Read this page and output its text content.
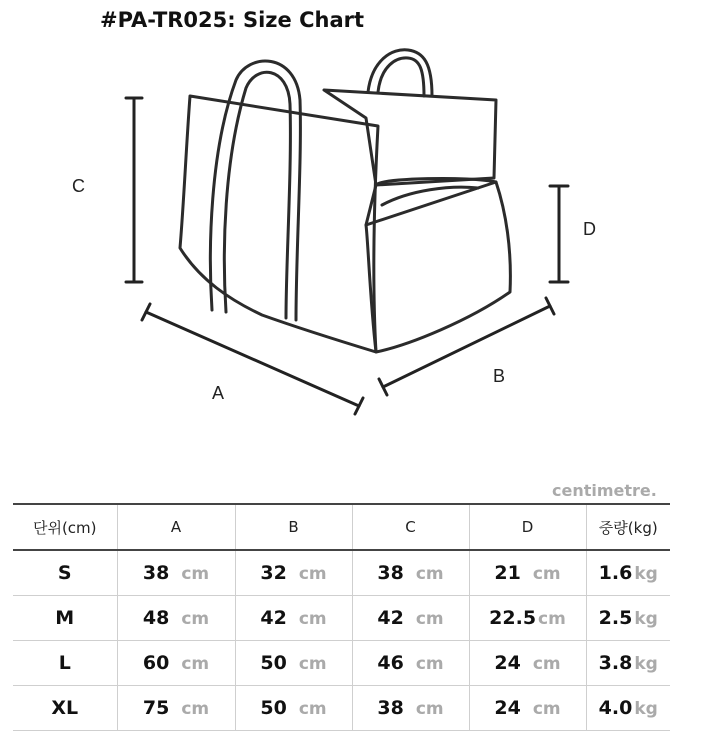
#PA-TR025: Size Chart
C
D
A
B
centimetre.
단위(cm)	A	B	C	D	중량(kg)
S	38 cm	32 cm	38 cm	21 cm	1.6 kg
M	48 cm	42 cm	42 cm	22.5 cm	2.5 kg
L	60 cm	50 cm	46 cm	24 cm	3.8 kg
XL	75 cm	50 cm	38 cm	24 cm	4.0 kg
